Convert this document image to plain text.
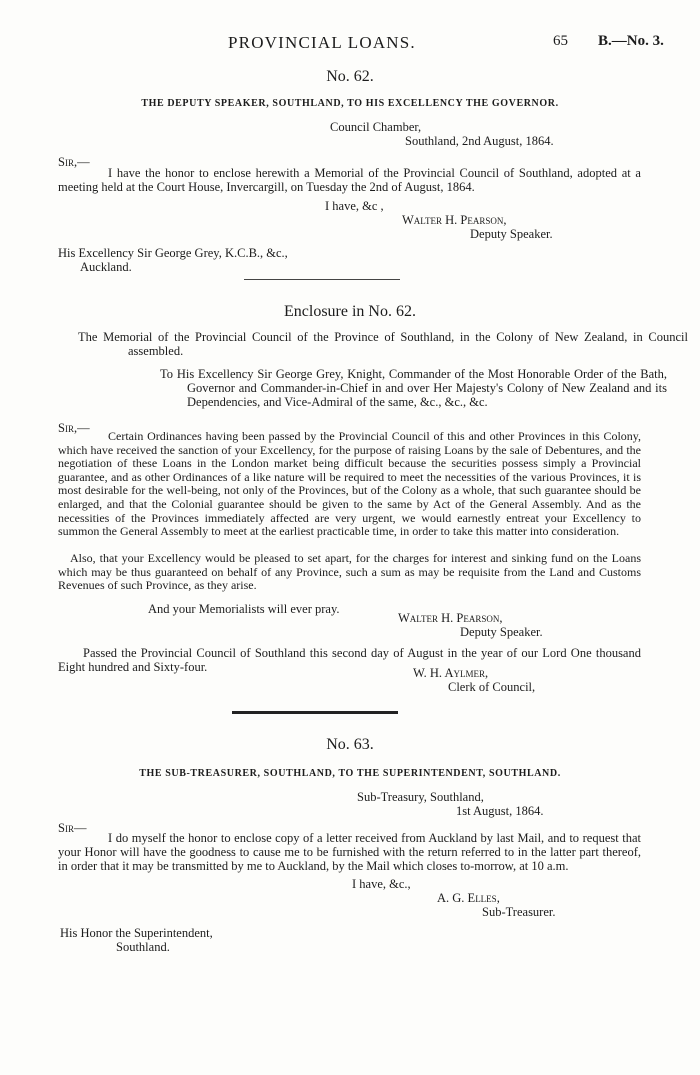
PROVINCIAL LOANS.	65 B.—No. 3.
No. 62.
THE DEPUTY SPEAKER, SOUTHLAND, TO HIS EXCELLENCY THE GOVERNOR.
Council Chamber,
Southland, 2nd August, 1864.
Sir,—
I have the honor to enclose herewith a Memorial of the Provincial Council of Southland, adopted at a meeting held at the Court House, Invercargill, on Tuesday the 2nd of August, 1864.
I have, &c ,
Walter H. Pearson,
Deputy Speaker.
His Excellency Sir George Grey, K.C.B., &c.,
Auckland.
Enclosure in No. 62.
The Memorial of the Provincial Council of the Province of Southland, in the Colony of New Zealand, in Council assembled.
To His Excellency Sir George Grey, Knight, Commander of the Most Honorable Order of the Bath, Governor and Commander-in-Chief in and over Her Majesty's Colony of New Zealand and its Dependencies, and Vice-Admiral of the same, &c., &c., &c.
Sir,—
Certain Ordinances having been passed by the Provincial Council of this and other Provinces in this Colony, which have received the sanction of your Excellency, for the purpose of raising Loans by the sale of Debentures, and the negotiation of these Loans in the London market being difficult because the securities possess simply a Provincial guarantee, and as other Ordinances of a like nature will be required to meet the necessities of the various Provinces, it is most desirable for the well-being, not only of the Provinces, but of the Colony as a whole, that such guarantee should be enlarged, and that the Colonial guarantee should be given to the same by Act of the General Assembly. And as the necessities of the Provinces immediately affected are very urgent, we would earnestly entreat your Excellency to summon the General Assembly to meet at the earliest practicable time, in order to take this matter into consideration.
Also, that your Excellency would be pleased to set apart, for the charges for interest and sinking fund on the Loans which may be thus guaranteed on behalf of any Province, such a sum as may be requisite from the Land and Customs Revenues of such Province, as they arise.
And your Memorialists will ever pray.
Walter H. Pearson,
Deputy Speaker.
Passed the Provincial Council of Southland this second day of August in the year of our Lord One thousand Eight hundred and Sixty-four.	W. H. Aylmer,
Clerk of Council,
No. 63.
THE SUB-TREASURER, SOUTHLAND, TO THE SUPERINTENDENT, SOUTHLAND.
Sub-Treasury, Southland,
1st August, 1864.
Sir—
I do myself the honor to enclose copy of a letter received from Auckland by last Mail, and to request that your Honor will have the goodness to cause me to be furnished with the return referred to in the latter part thereof, in order that it may be transmitted by me to Auckland, by the Mail which closes to-morrow, at 10 a.m.
I have, &c.,
A. G. Elles,
Sub-Treasurer.
His Honor the Superintendent,
Southland.
